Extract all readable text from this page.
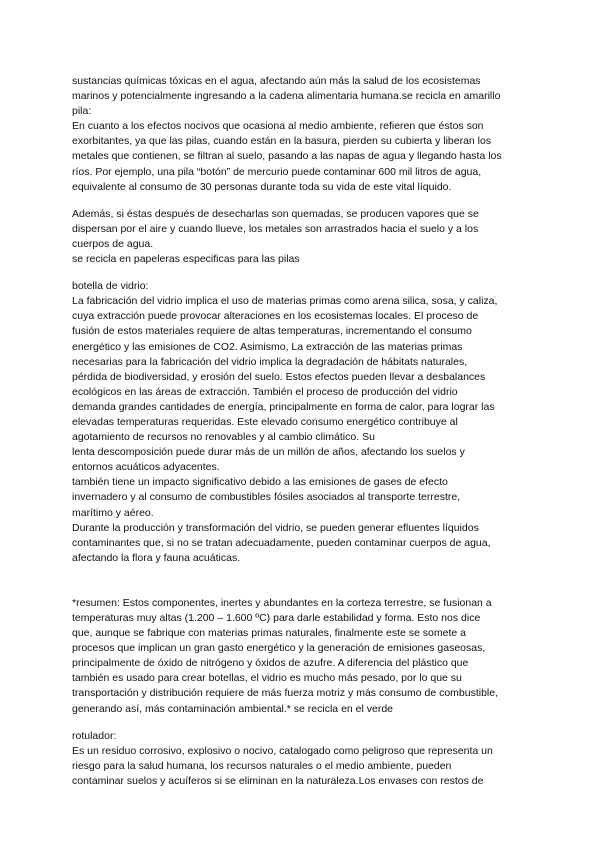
sustancias químicas tóxicas en el agua, afectando aún más la salud de los ecosistemas
marinos y potencialmente ingresando a la cadena alimentaria humana.se recicla en amarillo
pila:
En cuanto a los efectos nocivos que ocasiona al medio ambiente, refieren que éstos son
exorbitantes, ya que las pilas, cuando están en la basura, pierden su cubierta y liberan los
metales que contienen, se filtran al suelo, pasando a las napas de agua y llegando hasta los
ríos. Por ejemplo, una pila “botón” de mercurio puede contaminar 600 mil litros de agua,
equivalente al consumo de 30 personas durante toda su vida de este vital líquido.
Además, si éstas después de desecharlas son quemadas, se producen vapores que se
dispersan por el aire y cuando llueve, los metales son arrastrados hacia el suelo y a los
cuerpos de agua.
se recicla en papeleras especificas para las pilas
botella de vidrio:
La fabricación del vidrio implica el uso de materias primas como arena silica, sosa, y caliza,
cuya extracción puede provocar alteraciones en los ecosistemas locales. El proceso de
fusión de estos materiales requiere de altas temperaturas, incrementando el consumo
energético y las emisiones de CO2. Asimismo, La extracción de las materias primas
necesarias para la fabricación del vidrio implica la degradación de hábitats naturales,
pérdida de biodiversidad, y erosión del suelo. Estos efectos pueden llevar a desbalances
ecológicos en las áreas de extracción. También el proceso de producción del vidrio
demanda grandes cantidades de energía, principalmente en forma de calor, para lograr las
elevadas temperaturas requeridas. Este elevado consumo energético contribuye al
agotamiento de recursos no renovables y al cambio climático. Su
lenta descomposición puede durar más de un millón de años, afectando los suelos y
entornos acuáticos adyacentes.
también tiene un impacto significativo debido a las emisiones de gases de efecto
invernadero y al consumo de combustibles fósiles asociados al transporte terrestre,
marítimo y aéreo.
Durante la producción y transformación del vidrio, se pueden generar efluentes líquidos
contaminantes que, si no se tratan adecuadamente, pueden contaminar cuerpos de agua,
afectando la flora y fauna acuáticas.
*resumen: Estos componentes, inertes y abundantes en la corteza terrestre, se fusionan a
temperaturas muy altas (1.200 – 1.600 ºC) para darle estabilidad y forma. Esto nos dice
que, aunque se fabrique con materias primas naturales, finalmente este se somete a
procesos que implican un gran gasto energético y la generación de emisiones gaseosas,
principalmente de óxido de nitrógeno y óxidos de azufre. A diferencia del plástico que
también es usado para crear botellas, el vidrio es mucho más pesado, por lo que su
transportación y distribución requiere de más fuerza motriz y más consumo de combustible,
generando así, más contaminación ambiental.* se recicla en el verde
rotulador:
Es un residuo corrosivo, explosivo o nocivo, catalogado como peligroso que representa un
riesgo para la salud humana, los recursos naturales o el medio ambiente, pueden
contaminar suelos y acuíferos si se eliminan en la naturaleza.Los envases con restos de
